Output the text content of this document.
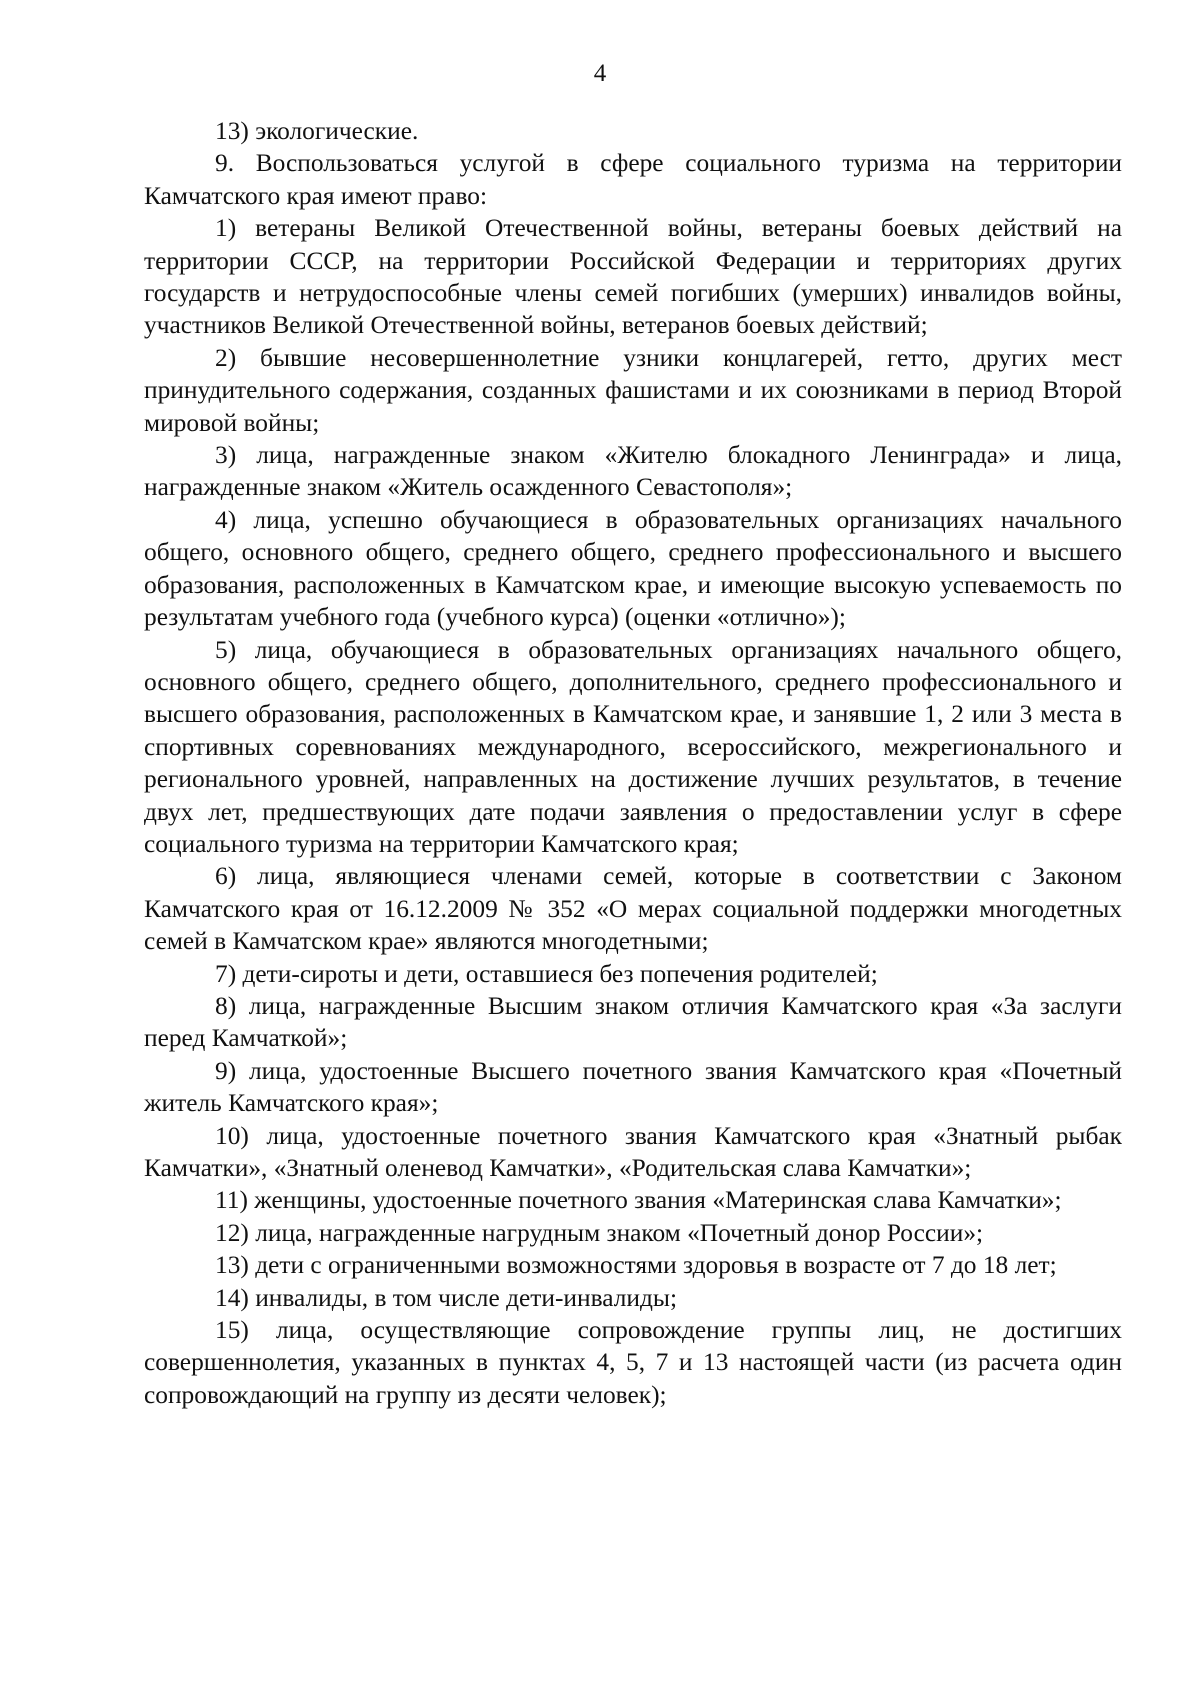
4

13) экологические.

9. Воспользоваться услугой в сфере социального туризма на территории Камчатского края имеют право:

1) ветераны Великой Отечественной войны, ветераны боевых действий на территории СССР, на территории Российской Федерации и территориях других государств и нетрудоспособные члены семей погибших (умерших) инвалидов войны, участников Великой Отечественной войны, ветеранов боевых действий;

2) бывшие несовершеннолетние узники концлагерей, гетто, других мест принудительного содержания, созданных фашистами и их союзниками в период Второй мировой войны;

3) лица, награжденные знаком «Жителю блокадного Ленинграда» и лица, награжденные знаком «Житель осажденного Севастополя»;

4) лица, успешно обучающиеся в образовательных организациях начального общего, основного общего, среднего общего, среднего профессионального и высшего образования, расположенных в Камчатском крае, и имеющие высокую успеваемость по результатам учебного года (учебного курса) (оценки «отлично»);

5) лица, обучающиеся в образовательных организациях начального общего, основного общего, среднего общего, дополнительного, среднего профессионального и высшего образования, расположенных в Камчатском крае, и занявшие 1, 2 или 3 места в спортивных соревнованиях международного, всероссийского, межрегионального и регионального уровней, направленных на достижение лучших результатов, в течение двух лет, предшествующих дате подачи заявления о предоставлении услуг в сфере социального туризма на территории Камчатского края;

6) лица, являющиеся членами семей, которые в соответствии с Законом Камчатского края от 16.12.2009 № 352 «О мерах социальной поддержки многодетных семей в Камчатском крае» являются многодетными;

7) дети-сироты и дети, оставшиеся без попечения родителей;

8) лица, награжденные Высшим знаком отличия Камчатского края «За заслуги перед Камчаткой»;

9) лица, удостоенные Высшего почетного звания Камчатского края «Почетный житель Камчатского края»;

10) лица, удостоенные почетного звания Камчатского края «Знатный рыбак Камчатки», «Знатный оленевод Камчатки», «Родительская слава Камчатки»;

11) женщины, удостоенные почетного звания «Материнская слава Камчатки»;

12) лица, награжденные нагрудным знаком «Почетный донор России»;

13) дети с ограниченными возможностями здоровья в возрасте от 7 до 18 лет;

14) инвалиды, в том числе дети-инвалиды;

15) лица, осуществляющие сопровождение группы лиц, не достигших совершеннолетия, указанных в пунктах 4, 5, 7 и 13 настоящей части (из расчета один сопровождающий на группу из десяти человек);
